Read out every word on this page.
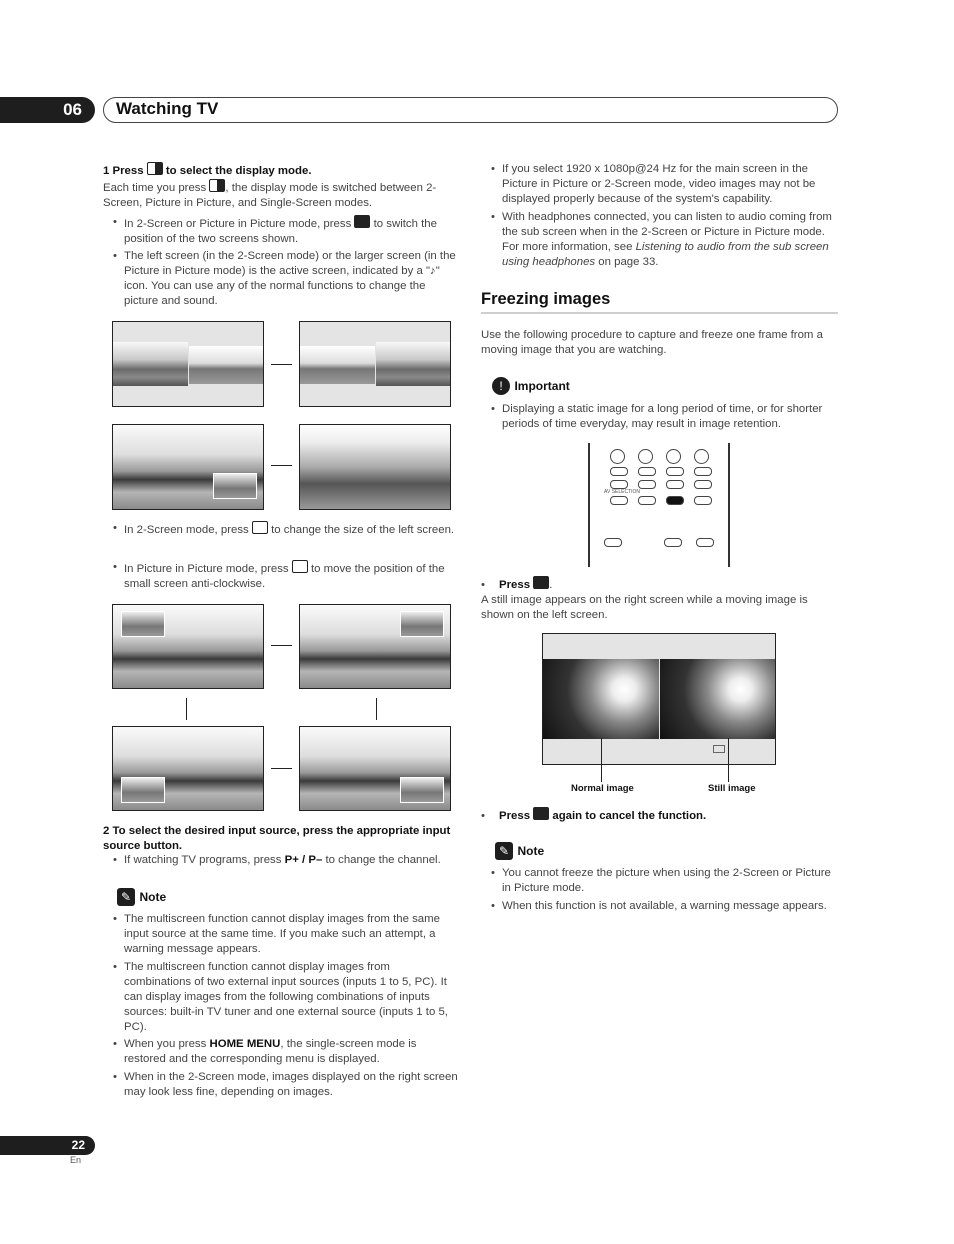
06	Watching TV
1 Press to select the display mode.
Each time you press , the display mode is switched between 2-Screen, Picture in Picture, and Single-Screen modes.
• In 2-Screen or Picture in Picture mode, press to switch the position of the two screens shown.
• The left screen (in the 2-Screen mode) or the larger screen (in the Picture in Picture mode) is the active screen, indicated by a "♪" icon. You can use any of the normal functions to change the picture and sound.
• In 2-Screen mode, press to change the size of the left screen.
• In Picture in Picture mode, press to move the position of the small screen anti-clockwise.
2 To select the desired input source, press the appropriate input source button.
• If watching TV programs, press P+ / P– to change the channel.
✎ Note
• The multiscreen function cannot display images from the same input source at the same time. If you make such an attempt, a warning message appears.
• The multiscreen function cannot display images from combinations of two external input sources (inputs 1 to 5, PC). It can display images from the following combinations of inputs sources: built-in TV tuner and one external source (inputs 1 to 5, PC).
• When you press HOME MENU, the single-screen mode is restored and the corresponding menu is displayed.
• When in the 2-Screen mode, images displayed on the right screen may look less fine, depending on images.
• If you select 1920 x 1080p@24 Hz for the main screen in the Picture in Picture or 2-Screen mode, video images may not be displayed properly because of the system's capability.
• With headphones connected, you can listen to audio coming from the sub screen when in the 2-Screen or Picture in Picture mode. For more information, see Listening to audio from the sub screen using headphones on page 33.
Freezing images
Use the following procedure to capture and freeze one frame from a moving image that you are watching.
! Important
• Displaying a static image for a long period of time, or for shorter periods of time everyday, may result in image retention.
AV SELECTION
• Press .
A still image appears on the right screen while a moving image is shown on the left screen.
Normal image	Still image
• Press again to cancel the function.
✎ Note
• You cannot freeze the picture when using the 2-Screen or Picture in Picture mode.
• When this function is not available, a warning message appears.
22
En
